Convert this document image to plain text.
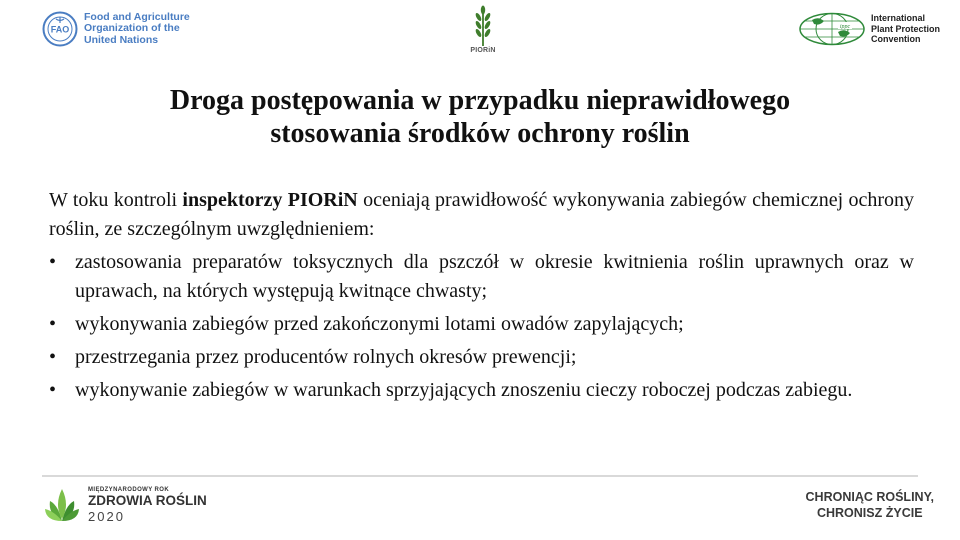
FAO
Food and Agriculture
Organization of the
United Nations
PIORiN
ippc
International
Plant Protection
Convention
Droga postępowania w przypadku nieprawidłowego
stosowania środków ochrony roślin

W toku kontroli inspektorzy PIORiN oceniają prawidłowość wykonywania zabiegów chemicznej ochrony roślin, ze szczególnym uwzględnieniem:

• zastosowania preparatów toksycznych dla pszczół w okresie kwitnienia roślin uprawnych oraz w uprawach, na których występują kwitnące chwasty;
• wykonywania zabiegów przed zakończonymi lotami owadów zapylających;
• przestrzegania przez producentów rolnych okresów prewencji;
• wykonywanie zabiegów w warunkach sprzyjających znoszeniu cieczy roboczej podczas zabiegu.
MIĘDZYNARODOWY ROK
ZDROWIA ROŚLIN
2020
CHRONIĄC ROŚLINY,
CHRONISZ ŻYCIE
